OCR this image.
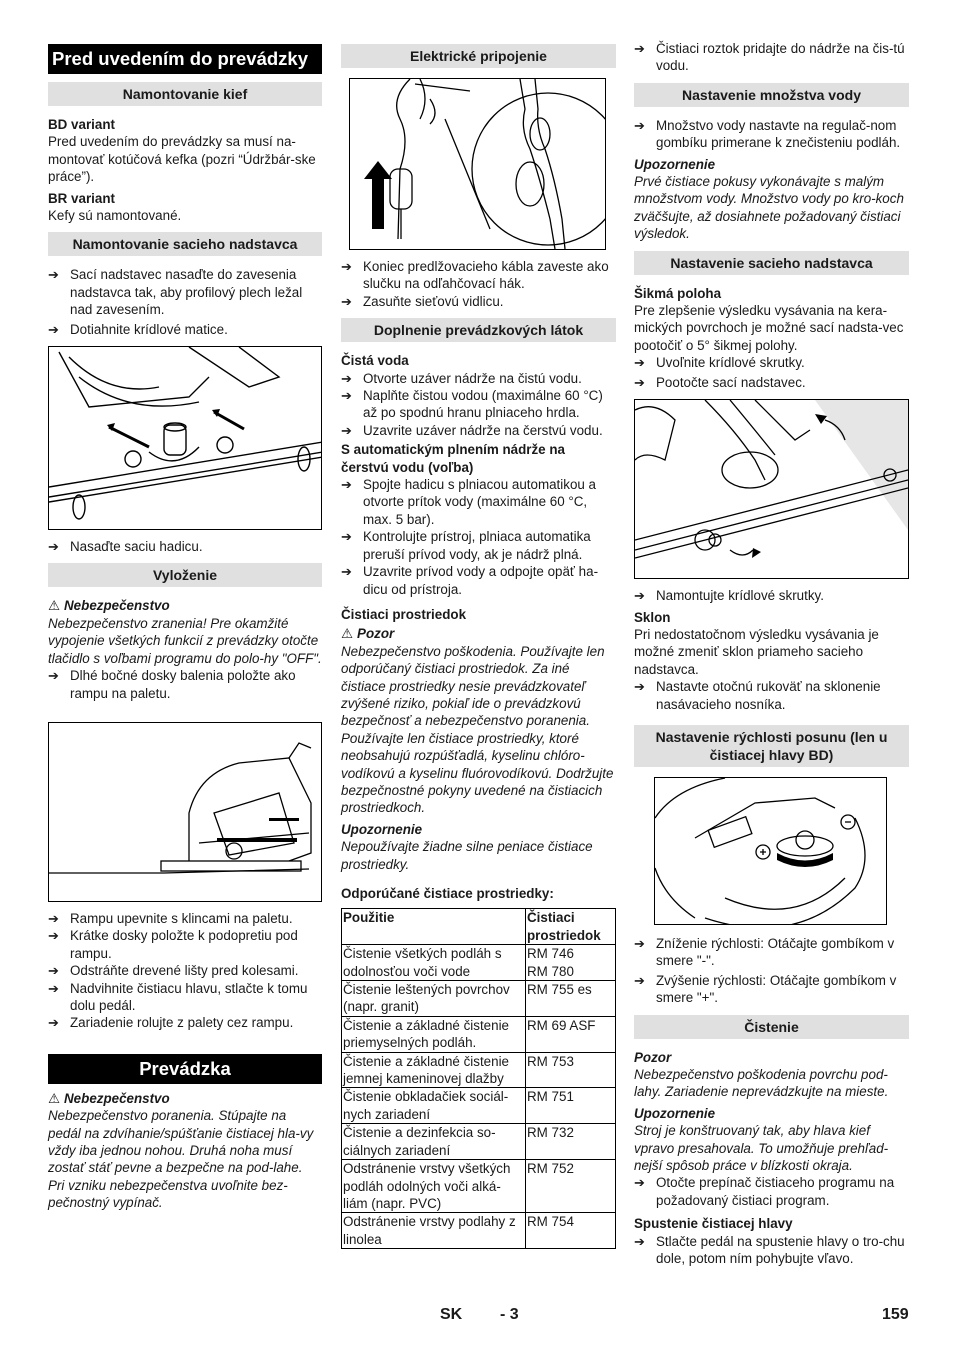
Pred uvedením do prevádzky
Namontovanie kief

BD variant

Pred uvedením do prevádzky sa musí na-montovať kotúčová kefka (pozri “Údržbár-ske práce”).

BR variant

Kefy sú namontované.

Namontovanie sacieho nadstavca

➔ Sací nadstavec nasaďte do zavesenia nadstavca tak, aby profilový plech ležal nad zavesením.

➔ Dotiahnite krídlové matice.

➔ Nasaďte saciu hadicu.

Vyloženie

⚠ Nebezpečenstvo

Nebezpečenstvo zranenia! Pre okamžité vypojenie všetkých funkcií z prevádzky otočte tlačidlo s voľbami programu do polo-hy "OFF".

➔ Dlhé bočné dosky balenia položte ako rampu na paletu.

➔ Rampu upevnite s klincami na paletu.

➔ Krátke dosky položte k podopretiu pod rampu.

➔ Odstráňte drevené lišty pred kolesami.

➔ Nadvihnite čistiacu hlavu, stlačte k tomu dolu pedál.

➔ Zariadenie rolujte z palety cez rampu.

Prevádzka

⚠ Nebezpečenstvo

Nebezpečenstvo poranenia. Stúpajte na pedál na zdvíhanie/spúšťanie čistiacej hla-vy vždy iba jednou nohou. Druhá noha musí zostať stáť pevne a bezpečne na pod-lahe.

Pri vzniku nebezpečenstva uvoľnite bez-pečnostný vypínač.

Elektrické pripojenie

➔ Koniec predlžovacieho kábla zaveste ako slučku na odľahčovací hák.

➔ Zasuňte sieťovú vidlicu.

Doplnenie prevádzkových látok

Čistá voda

➔ Otvorte uzáver nádrže na čistú vodu.

➔ Naplňte čistou vodou (maximálne 60 °C) až po spodnú hranu plniaceho hrdla.

➔ Uzavrite uzáver nádrže na čerstvú vodu.

S automatickým plnením nádrže na čerstvú vodu (voľba)

➔ Spojte hadicu s plniacou automatikou a otvorte prítok vody (maximálne 60 °C, max. 5 bar).

➔ Kontrolujte prístroj, plniaca automatika preruší prívod vody, ak je nádrž plná.

➔ Uzavrite prívod vody a odpojte opäť ha-dicu od prístroja.

Čistiaci prostriedok

⚠ Pozor

Nebezpečenstvo poškodenia. Používajte len odporúčaný čistiaci prostriedok. Za iné čistiace prostriedky nesie prevádzkovateľ zvýšené riziko, pokiaľ ide o prevádzkovú bezpečnosť a nebezpečenstvo poranenia. Používajte len čistiace prostriedky, ktoré neobsahujú rozpúšťadlá, kyselinu chlóro-vodíkovú a kyselinu fluórovodíkovú. Dodržujte bezpečnostné pokyny uvedené na čistiacich prostriedkoch.

Upozornenie

Nepoužívajte žiadne silne peniace čistiace prostriedky.

Odporúčané čistiace prostriedky:

Použitie	Čistiaci prostriedok
Čistenie všetkých podláh s odolnosťou voči vode	RM 746
RM 780
Čistenie leštených povrchov (napr. granit)	RM 755 es
Čistenie a základné čistenie priemyselných podláh.	RM 69 ASF
Čistenie a základné čistenie jemnej kameninovej dlažby	RM 753
Čistenie obkladačiek sociál-nych zariadení	RM 751
Čistenie a dezinfekcia so-ciálnych zariadení	RM 732
Odstránenie vrstvy všetkých podláh odolných voči alká-liám (napr. PVC)	RM 752
Odstránenie vrstvy podlahy z linolea	RM 754

➔ Čistiaci roztok pridajte do nádrže na čis-tú vodu.

Nastavenie množstva vody

➔ Množstvo vody nastavte na regulač-nom gombíku primerane k znečisteniu podláh.

Upozornenie

Prvé čistiace pokusy vykonávajte s malým množstvom vody. Množstvo vody po kro-koch zväčšujte, až dosiahnete požadovaný čistiaci výsledok.

Nastavenie sacieho nadstavca

Šikmá poloha

Pre zlepšenie výsledku vysávania na kera-mických povrchoch je možné sací nadsta-vec pootočiť o 5° šikmej polohy.

➔ Uvoľnite krídlové skrutky.

➔ Pootočte sací nadstavec.

➔ Namontujte krídlové skrutky.

Sklon

Pri nedostatočnom výsledku vysávania je možné zmeniť sklon priameho sacieho nadstavca.

➔ Nastavte otočnú rukoväť na sklonenie nasávacieho nosníka.

Nastavenie rýchlosti posunu (len u čistiacej hlavy BD)

➔ Zníženie rýchlosti: Otáčajte gombíkom v smere "-".

➔ Zvýšenie rýchlosti: Otáčajte gombíkom v smere "+".

Čistenie

Pozor

Nebezpečenstvo poškodenia povrchu pod-lahy. Zariadenie neprevádzkujte na mieste.

Upozornenie

Stroj je konštruovaný tak, aby hlava kief vpravo presahovala. To umožňuje prehľad-nejší spôsob práce v blízkosti okraja.

➔ Otočte prepínač čistiaceho programu na požadovaný čistiaci program.

Spustenie čistiacej hlavy

➔ Stlačte pedál na spustenie hlavy o tro-chu dole, potom ním pohybujte vľavo.

SK - 3	159
